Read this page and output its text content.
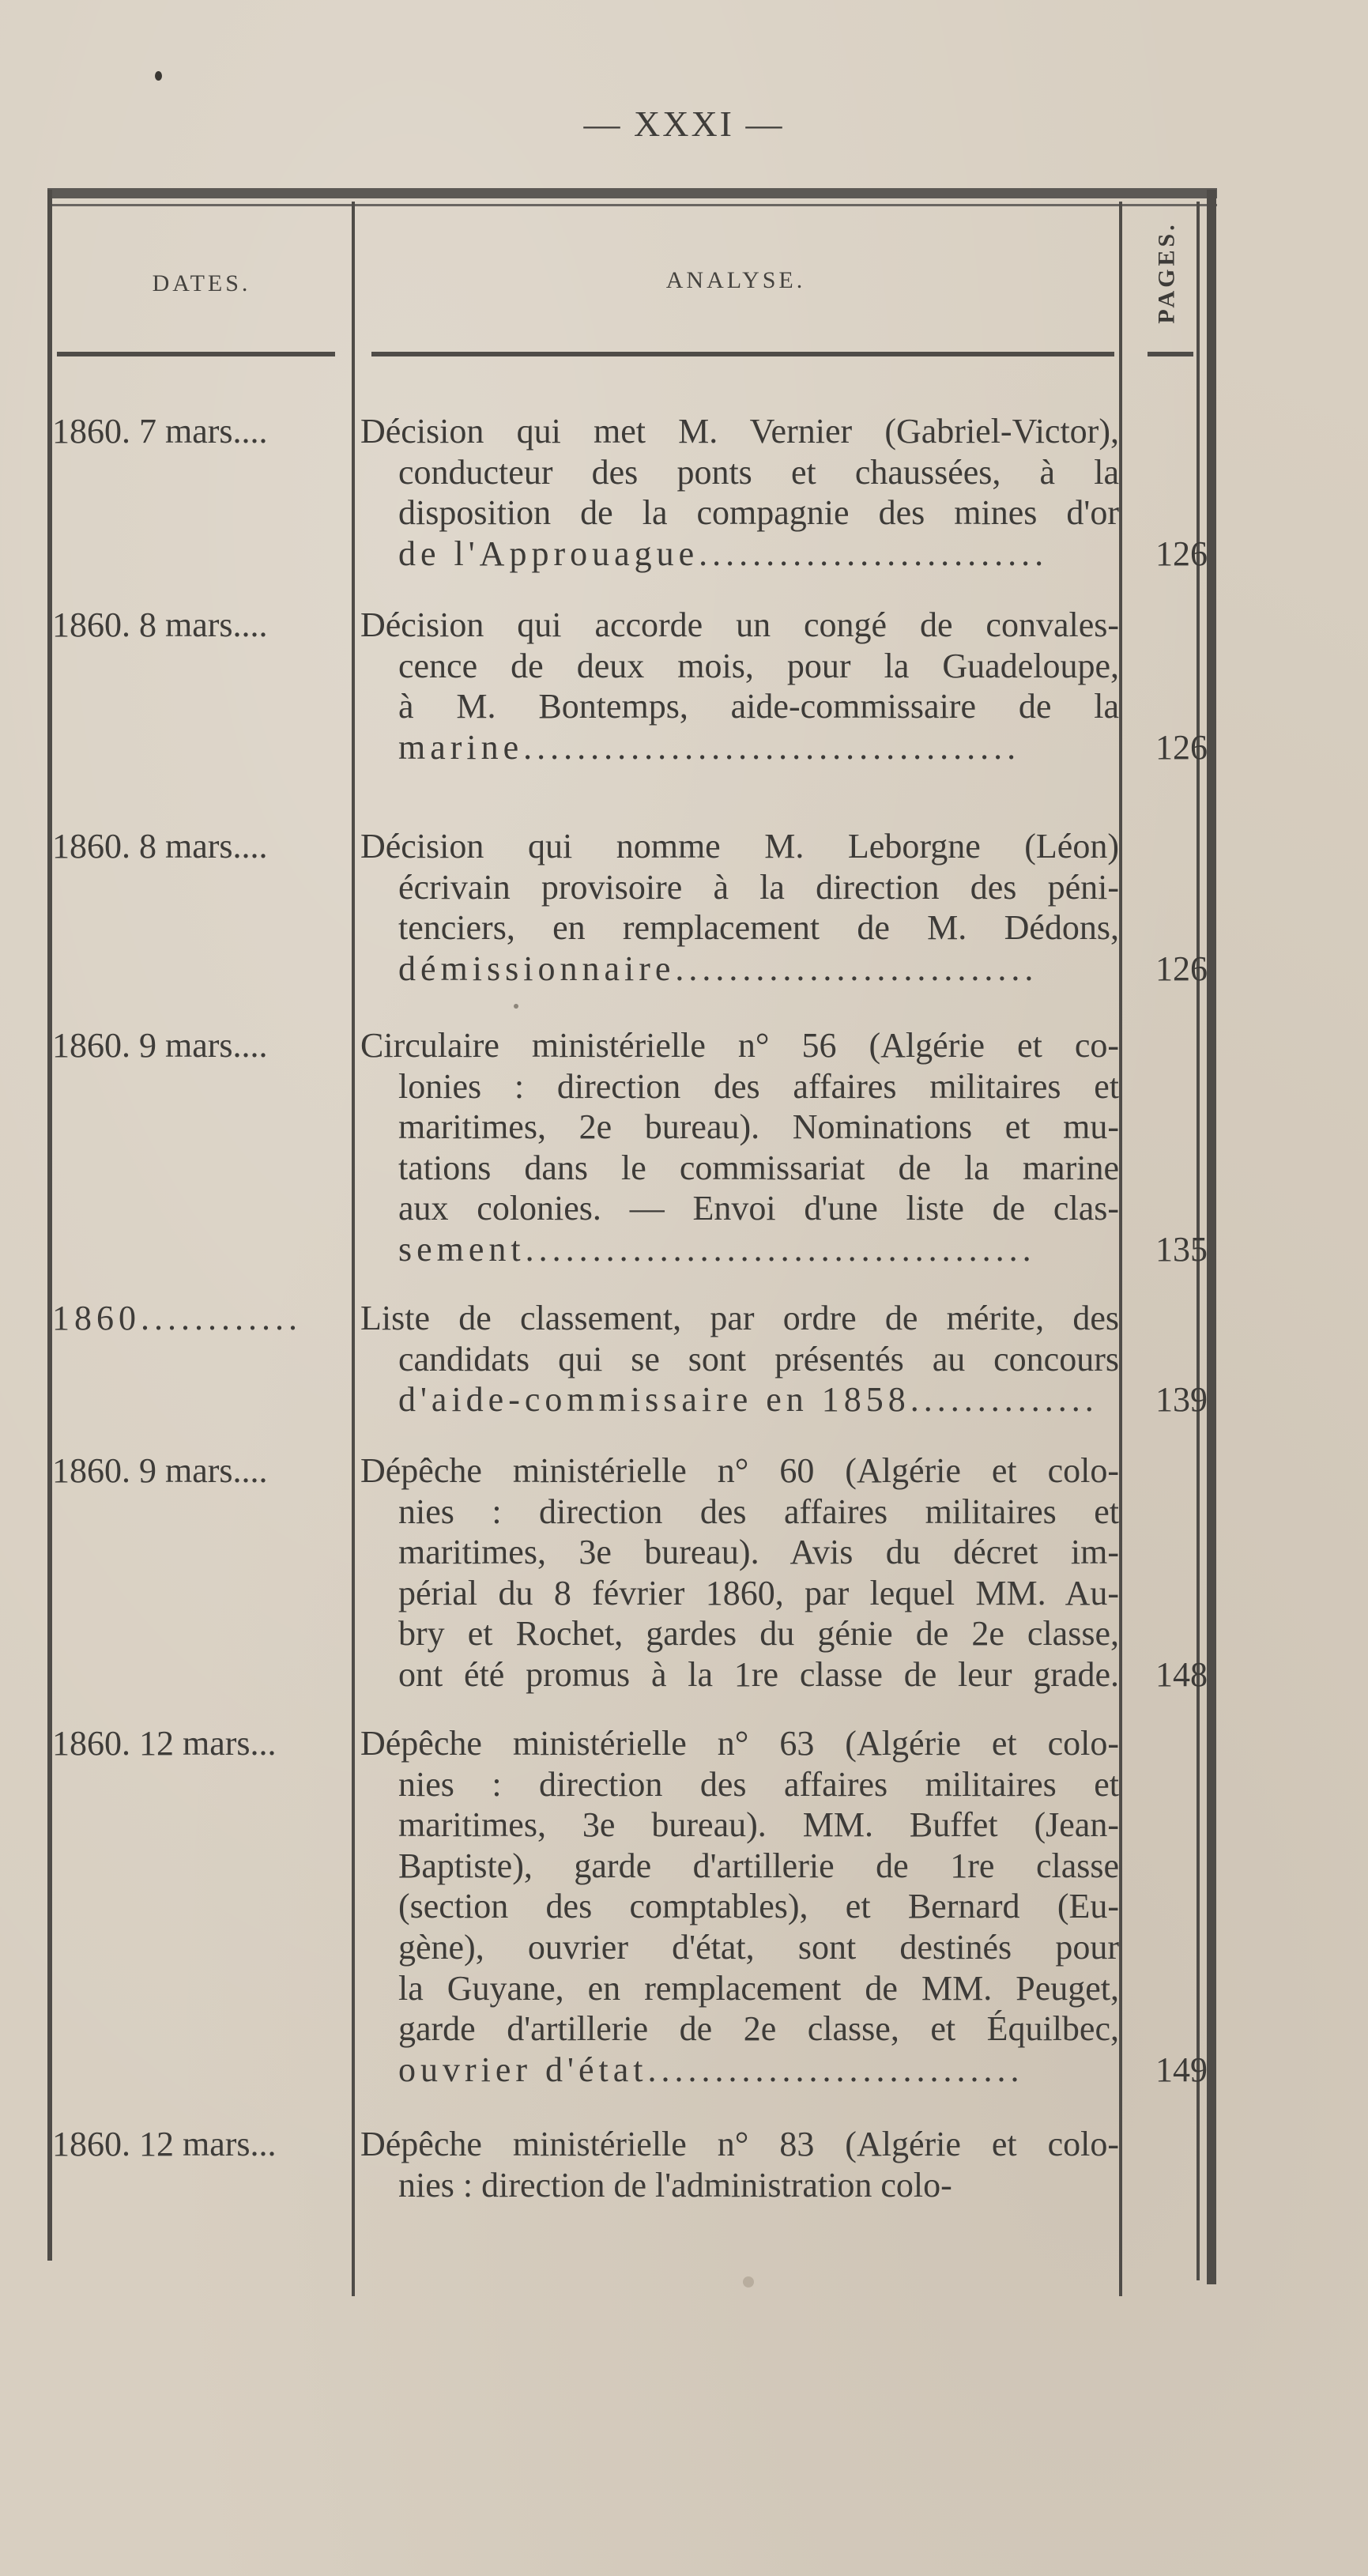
— XXXI —
DATES.	ANALYSE.	PAGES.
1860. 7 mars....	Décision qui met M. Vernier (Gabriel-Victor),
conducteur des ponts et chaussées, à la
disposition de la compagnie des mines d'or
de l'Approuague..........................	126
1860. 8 mars....	Décision qui accorde un congé de convales-
cence de deux mois, pour la Guadeloupe,
à M. Bontemps, aide-commissaire de la
marine.....................................	126
1860. 8 mars....	Décision qui nomme M. Leborgne (Léon)
écrivain provisoire à la direction des péni-
tenciers, en remplacement de M. Dédons,
démissionnaire...........................	126
1860. 9 mars....	Circulaire ministérielle n° 56 (Algérie et co-
lonies : direction des affaires militaires et
maritimes, 2e bureau). Nominations et mu-
tations dans le commissariat de la marine
aux colonies. — Envoi d'une liste de clas-
sement......................................	135
1860............ Liste de classement, par ordre de mérite, des
candidats qui se sont présentés au concours
d'aide-commissaire en 1858..............	139
1860. 9 mars....	Dépêche ministérielle n° 60 (Algérie et colo-
nies : direction des affaires militaires et
maritimes, 3e bureau). Avis du décret im-
périal du 8 février 1860, par lequel MM. Au-
bry et Rochet, gardes du génie de 2e classe,
ont été promus à la 1re classe de leur grade.	148
1860. 12 mars... Dépêche ministérielle n° 63 (Algérie et colo-
nies : direction des affaires militaires et
maritimes, 3e bureau). MM. Buffet (Jean-
Baptiste), garde d'artillerie de 1re classe
(section des comptables), et Bernard (Eu-
gène), ouvrier d'état, sont destinés pour
la Guyane, en remplacement de MM. Peuget,
garde d'artillerie de 2e classe, et Équilbec,
ouvrier d'état............................	149
1860. 12 mars... Dépêche ministérielle n° 83 (Algérie et colo-
nies : direction de l'administration colo-
